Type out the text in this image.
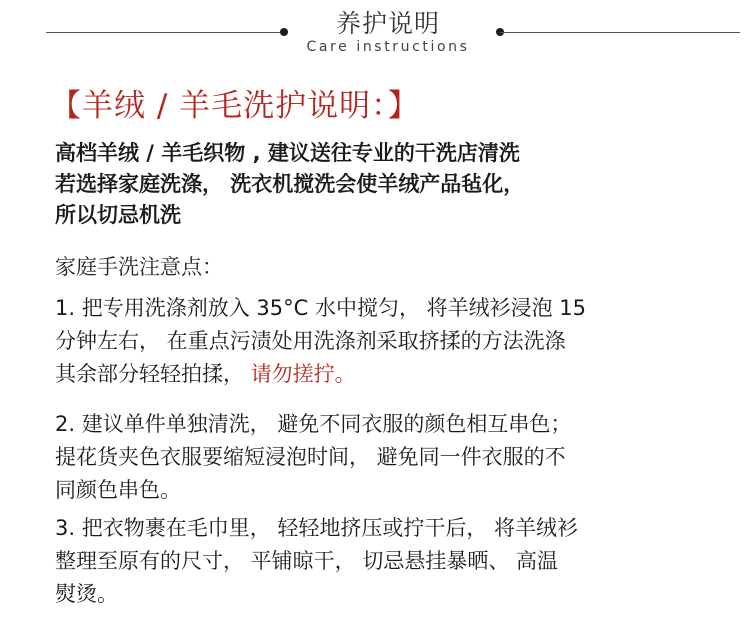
养护说明
Care instructions
【羊绒 / 羊毛洗护说明：】
高档羊绒 / 羊毛织物 , 建议送往专业的干洗店清洗
若选择家庭洗涤， 洗衣机搅洗会使羊绒产品毡化，
所以切忌机洗
家庭手洗注意点：
1. 把专用洗涤剂放入 35°C 水中搅匀， 将羊绒衫浸泡 15
分钟左右， 在重点污渍处用洗涤剂采取挤揉的方法洗涤
其余部分轻轻拍揉， 请勿搓拧。
2. 建议单件单独清洗， 避免不同衣服的颜色相互串色；
提花货夹色衣服要缩短浸泡时间， 避免同一件衣服的不
同颜色串色。
3. 把衣物裹在毛巾里， 轻轻地挤压或拧干后， 将羊绒衫
整理至原有的尺寸， 平铺晾干， 切忌悬挂暴晒、 高温
熨烫。
